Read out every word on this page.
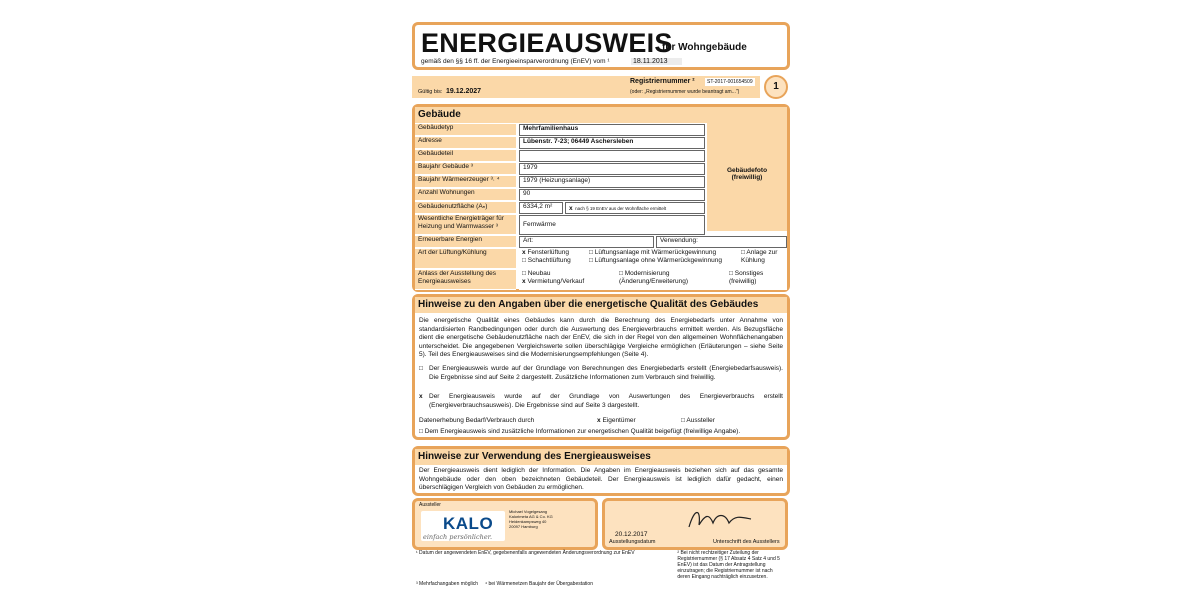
ENERGIEAUSWEIS
für Wohngebäude
gemäß den §§ 16 ff. der Energieeinsparverordnung (EnEV) vom ¹	18.11.2013
Gültig bis: 19.12.2027
Registriernummer ²	ST-2017-001654509
(oder: „Registriernummer wurde beantragt am...")	1
Gebäude
Gebäudefoto
(freiwillig)
Gebäudetyp	Mehrfamilienhaus
Adresse	Lübenstr. 7-23; 06449 Aschersleben
Gebäudeteil
Baujahr Gebäude ³	1979
Baujahr Wärmeerzeuger ³˒ ⁴	1979 (Heizungsanlage)
Anzahl Wohnungen	90
Gebäudenutzfläche (Aₙ)	6334,2 m²	x nach § 19 EnEV aus der Wohnfläche ermittelt
Wesentliche Energieträger für Heizung und Warmwasser ³	Fernwärme
Erneuerbare Energien	Art:	Verwendung:
Art der Lüftung/Kühlung	x Fensterlüftung
□ Schachtlüftung
□ Lüftungsanlage mit Wärmerückgewinnung
□ Lüftungsanlage ohne Wärmerückgewinnung
□ Anlage zur Kühlung
Anlass der Ausstellung des Energieausweises
□ Neubau
x Vermietung/Verkauf
□ Modernisierung (Änderung/Erweiterung)
□ Sonstiges (freiwillig)
Hinweise zu den Angaben über die energetische Qualität des Gebäudes
Die energetische Qualität eines Gebäudes kann durch die Berechnung des Energiebedarfs unter Annahme von standardisierten Randbedingungen oder durch die Auswertung des Energieverbrauchs ermittelt werden. Als Bezugsfläche dient die energetische Gebäudenutzfläche nach der EnEV, die sich in der Regel von den allgemeinen Wohnflächenangaben unterscheidet. Die angegebenen Vergleichswerte sollen überschlägige Vergleiche ermöglichen (Erläuterungen – siehe Seite 5). Teil des Energieausweises sind die Modernisierungsempfehlungen (Seite 4).
□ Der Energieausweis wurde auf der Grundlage von Berechnungen des Energiebedarfs erstellt (Energiebedarfsausweis). Die Ergebnisse sind auf Seite 2 dargestellt. Zusätzliche Informationen zum Verbrauch sind freiwillig.
x Der Energieausweis wurde auf der Grundlage von Auswertungen des Energieverbrauchs erstellt (Energieverbrauchsausweis). Die Ergebnisse sind auf Seite 3 dargestellt.
Datenerhebung Bedarf/Verbrauch durch	x Eigentümer	□ Aussteller
□ Dem Energieausweis sind zusätzliche Informationen zur energetischen Qualität beigefügt (freiwillige Angabe).
Hinweise zur Verwendung des Energieausweises
Der Energieausweis dient lediglich der Information. Die Angaben im Energieausweis beziehen sich auf das gesamte Wohngebäude oder den oben bezeichneten Gebäudeteil. Der Energieausweis ist lediglich dafür gedacht, einen überschlägigen Vergleich von Gebäuden zu ermöglichen.
Aussteller
KALO
einfach persönlicher.
Michael Vogelgesang
Kalorimeta AG & Co. KG
Heidenkampsweg 40
20097 Hamburg
20.12.2017
Ausstellungsdatum	Unterschrift des Ausstellers
¹ Datum der angewendeten EnEV, gegebenenfalls angewendeten Änderungsverordnung zur EnEV	² Bei nicht rechtzeitiger Zuteilung der Registriernummer (§ 17 Absatz 4 Satz 4 und 5 EnEV) ist das Datum der Antragstellung einzutragen; die Registriernummer ist nach deren Eingang nachträglich einzusetzen.
³ Mehrfachangaben möglich ⁴ bei Wärmenetzen Baujahr der Übergabestation
